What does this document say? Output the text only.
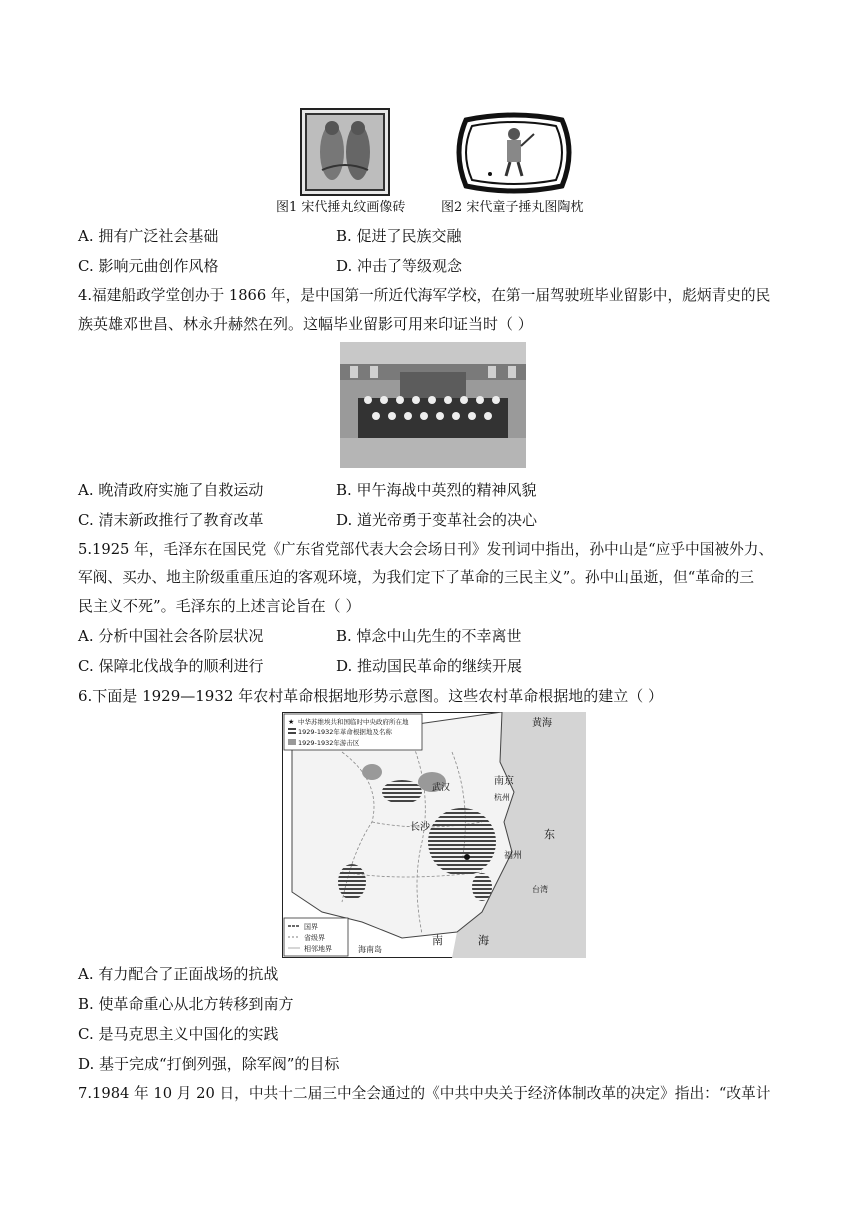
图1 宋代捶丸纹画像砖	图2 宋代童子捶丸图陶枕
A. 拥有广泛社会基础	B. 促进了民族交融
C. 影响元曲创作风格	D. 冲击了等级观念
4.福建船政学堂创办于 1866 年，是中国第一所近代海军学校，在第一届驾驶班毕业留影中，彪炳青史的民
族英雄邓世昌、林永升赫然在列。这幅毕业留影可用来印证当时（ ）
A. 晚清政府实施了自救运动	B. 甲午海战中英烈的精神风貌
C. 清末新政推行了教育改革	D. 道光帝勇于变革社会的决心
5.1925 年，毛泽东在国民党《广东省党部代表大会会场日刊》发刊词中指出，孙中山是“应乎中国被外力、
军阀、买办、地主阶级重重压迫的客观环境，为我们定下了革命的三民主义”。孙中山虽逝，但“革命的三
民主义不死”。毛泽东的上述言论旨在（ ）
A. 分析中国社会各阶层状况	B. 悼念中山先生的不幸离世
C. 保障北伐战争的顺利进行	D. 推动国民革命的继续开展
6.下面是 1929—1932 年农村革命根据地形势示意图。这些农村革命根据地的建立（ ）
★ 中华苏维埃共和国临时中央政府所在地
1929-1932年革命根据地及名称
1929-1932年游击区
国界
省级界
相邻地界
南京
杭州
长沙
武汉
福州
黄海
东
南	海
海南岛
台湾
A. 有力配合了正面战场的抗战
B. 使革命重心从北方转移到南方
C. 是马克思主义中国化的实践
D. 基于完成“打倒列强，除军阀”的目标
7.1984 年 10 月 20 日，中共十二届三中全会通过的《中共中央关于经济体制改革的决定》指出：“改革计
